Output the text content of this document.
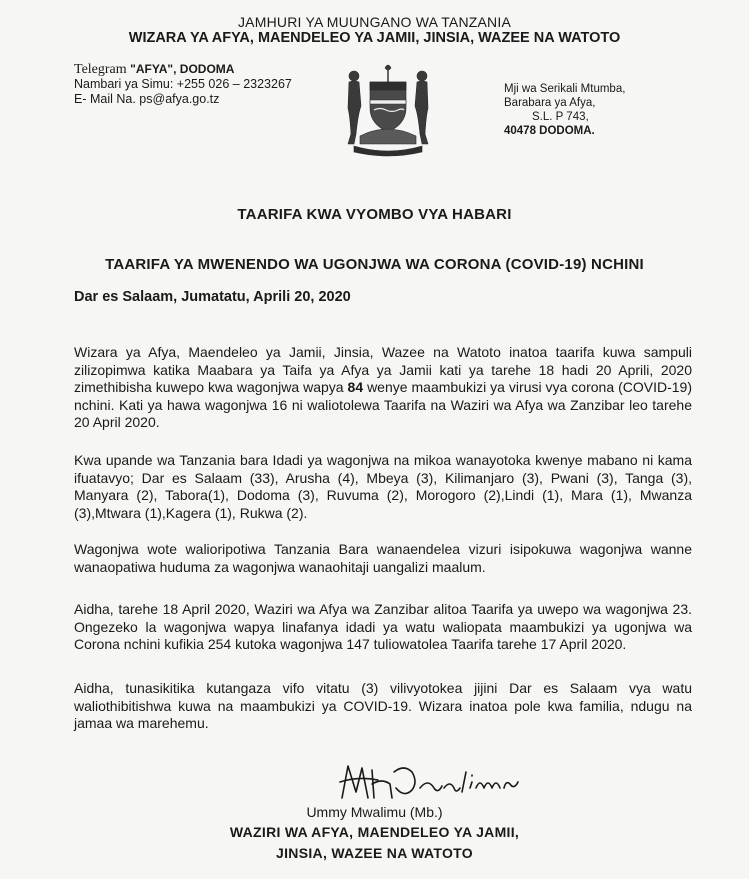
JAMHURI YA MUUNGANO WA TANZANIA
WIZARA YA AFYA, MAENDELEO YA JAMII, JINSIA, WAZEE NA WATOTO
Telegram "AFYA", DODOMA
Nambari ya Simu: +255 026 – 2323267
E- Mail Na. ps@afya.go.tz
Mji wa Serikali Mtumba,
Barabara ya Afya,
S.L. P 743,
40478 DODOMA.
TAARIFA KWA VYOMBO VYA HABARI
TAARIFA YA MWENENDO WA UGONJWA WA CORONA (COVID-19) NCHINI
Dar es Salaam, Jumatatu, Aprili 20, 2020
Wizara ya Afya, Maendeleo ya Jamii, Jinsia, Wazee na Watoto inatoa taarifa kuwa sampuli zilizopimwa katika Maabara ya Taifa ya Afya ya Jamii kati ya tarehe 18 hadi 20 Aprili, 2020 zimethibisha kuwepo kwa wagonjwa wapya 84 wenye maambukizi ya virusi vya corona (COVID-19) nchini. Kati ya hawa wagonjwa 16 ni waliotolewa Taarifa na Waziri wa Afya wa Zanzibar leo tarehe 20 April 2020.
Kwa upande wa Tanzania bara Idadi ya wagonjwa na mikoa wanayotoka kwenye mabano ni kama ifuatavyo; Dar es Salaam (33), Arusha (4), Mbeya (3), Kilimanjaro (3), Pwani (3), Tanga (3), Manyara (2), Tabora(1), Dodoma (3), Ruvuma (2), Morogoro (2),Lindi (1), Mara (1), Mwanza (3),Mtwara (1),Kagera (1), Rukwa (2).
Wagonjwa wote walioripotiwa Tanzania Bara wanaendelea vizuri isipokuwa wagonjwa wanne wanaopatiwa huduma za wagonjwa wanaohitaji uangalizi maalum.
Aidha, tarehe 18 April 2020, Waziri wa Afya wa Zanzibar alitoa Taarifa ya uwepo wa wagonjwa 23. Ongezeko la wagonjwa wapya linafanya idadi ya watu waliopata maambukizi ya ugonjwa wa Corona nchini kufikia 254 kutoka wagonjwa 147 tuliowatolea Taarifa tarehe 17 April 2020.
Aidha, tunasikitika kutangaza vifo vitatu (3) vilivyotokea jijini Dar es Salaam vya watu waliothibitishwa kuwa na maambukizi ya COVID-19. Wizara inatoa pole kwa familia, ndugu na jamaa wa marehemu.
Ummy Mwalimu (Mb.)
WAZIRI WA AFYA, MAENDELEO YA JAMII,
JINSIA, WAZEE NA WATOTO
